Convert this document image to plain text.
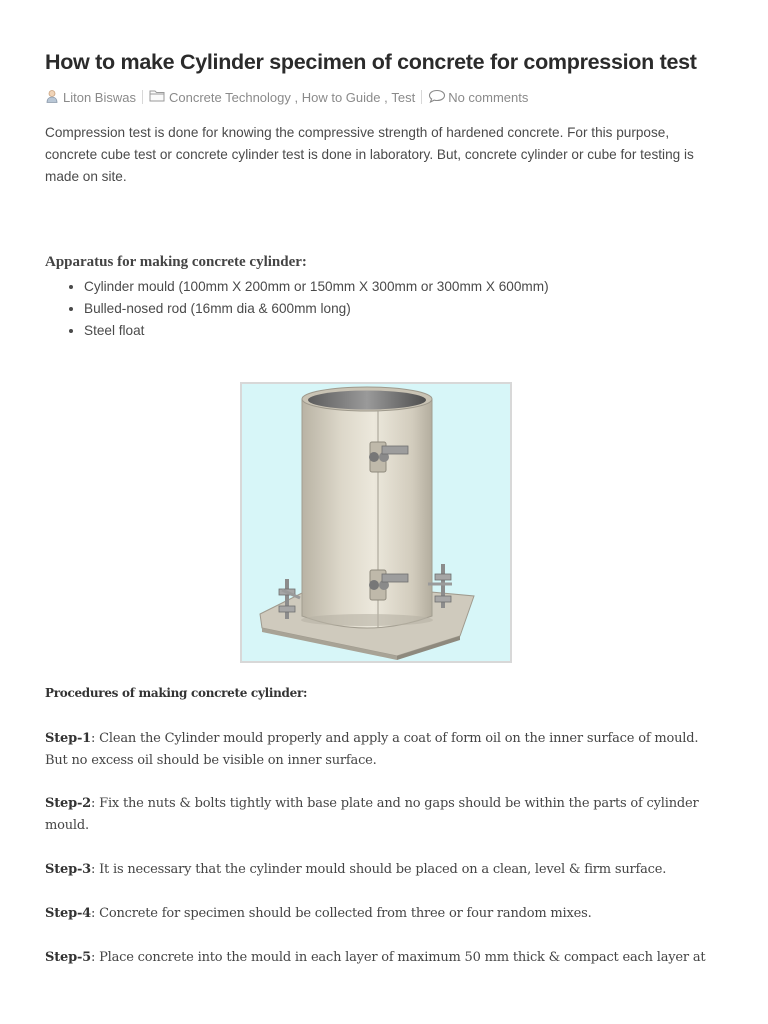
How to make Cylinder specimen of concrete for compression test
Liton Biswas	Concrete Technology , How to Guide , Test	No comments
Compression test is done for knowing the compressive strength of hardened concrete. For this purpose, concrete cube test or concrete cylinder test is done in laboratory. But, concrete cylinder or cube for testing is made on site.
Apparatus for making concrete cylinder:
• Cylinder mould (100mm X 200mm or 150mm X 300mm or 300mm X 600mm)
• Bulled-nosed rod (16mm dia & 600mm long)
• Steel float
Procedures of making concrete cylinder:
Step-1: Clean the Cylinder mould properly and apply a coat of form oil on the inner surface of mould. But no excess oil should be visible on inner surface.
Step-2: Fix the nuts & bolts tightly with base plate and no gaps should be within the parts of cylinder mould.
Step-3: It is necessary that the cylinder mould should be placed on a clean, level & firm surface.
Step-4: Concrete for specimen should be collected from three or four random mixes.
Step-5: Place concrete into the mould in each layer of maximum 50 mm thick & compact each layer at
